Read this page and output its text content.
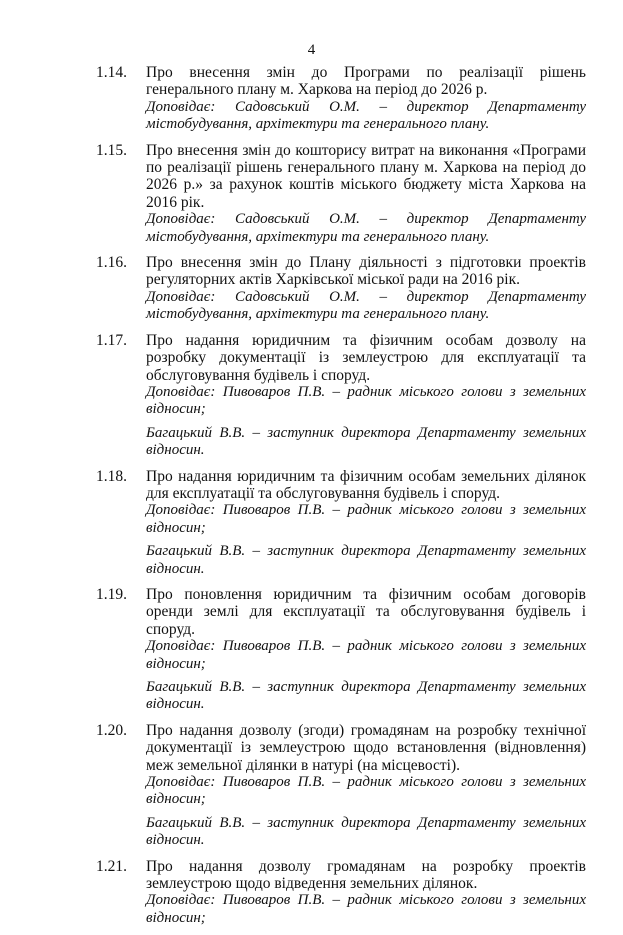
4
1.14. Про внесення змін до Програми по реалізації рішень генерального плану м. Харкова на період до 2026 р.
Доповідає: Садовський О.М. – директор Департаменту містобудування, архітектури та генерального плану.
1.15. Про внесення змін до кошторису витрат на виконання «Програми по реалізації рішень генерального плану м. Харкова на період до 2026 р.» за рахунок коштів міського бюджету міста Харкова на 2016 рік.
Доповідає: Садовський О.М. – директор Департаменту містобудування, архітектури та генерального плану.
1.16. Про внесення змін до Плану діяльності з підготовки проектів регуляторних актів Харківської міської ради на 2016 рік.
Доповідає: Садовський О.М. – директор Департаменту містобудування, архітектури та генерального плану.
1.17. Про надання юридичним та фізичним особам дозволу на розробку документації із землеустрою для експлуатації та обслуговування будівель і споруд.
Доповідає: Пивоваров П.В. – радник міського голови з земельних відносин;
Багацький В.В. – заступник директора Департаменту земельних відносин.
1.18. Про надання юридичним та фізичним особам земельних ділянок для експлуатації та обслуговування будівель і споруд.
Доповідає: Пивоваров П.В. – радник міського голови з земельних відносин;
Багацький В.В. – заступник директора Департаменту земельних відносин.
1.19. Про поновлення юридичним та фізичним особам договорів оренди землі для експлуатації та обслуговування будівель і споруд.
Доповідає: Пивоваров П.В. – радник міського голови з земельних відносин;
Багацький В.В. – заступник директора Департаменту земельних відносин.
1.20. Про надання дозволу (згоди) громадянам на розробку технічної документації із землеустрою щодо встановлення (відновлення) меж земельної ділянки в натурі (на місцевості).
Доповідає: Пивоваров П.В. – радник міського голови з земельних відносин;
Багацький В.В. – заступник директора Департаменту земельних відносин.
1.21. Про надання дозволу громадянам на розробку проектів землеустрою щодо відведення земельних ділянок.
Доповідає: Пивоваров П.В. – радник міського голови з земельних відносин;
